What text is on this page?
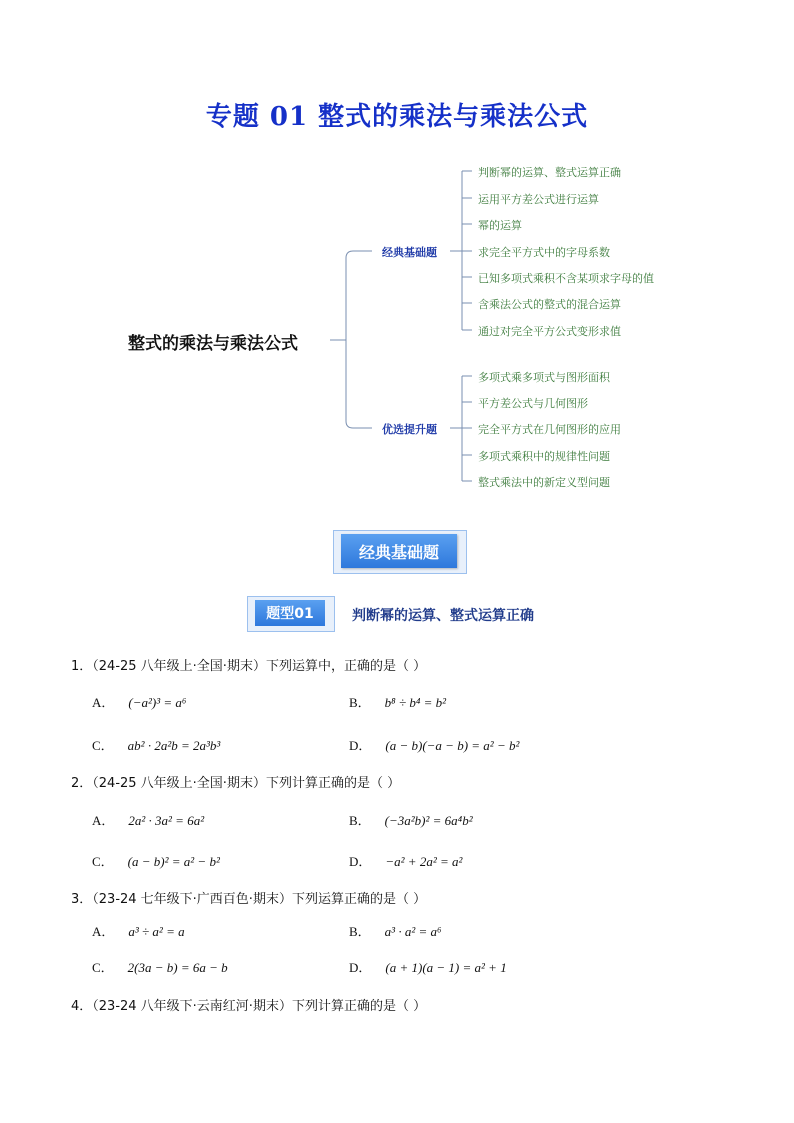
专题 01 整式的乘法与乘法公式
整式的乘法与乘法公式
经典基础题
优选提升题
判断幂的运算、整式运算正确
运用平方差公式进行运算
幂的运算
求完全平方式中的字母系数
已知多项式乘积不含某项求字母的值
含乘法公式的整式的混合运算
通过对完全平方公式变形求值
多项式乘多项式与图形面积
平方差公式与几何图形
完全平方式在几何图形的应用
多项式乘积中的规律性问题
整式乘法中的新定义型问题
经典基础题
题型01	判断幂的运算、整式运算正确
1．（24-25 八年级上·全国·期末）下列运算中，正确的是（ ）
A． (−a²)³ = a⁶	B． b⁸ ÷ b⁴ = b²
C． ab² · 2a²b = 2a³b³	D． (a − b)(−a − b) = a² − b²
2．（24-25 八年级上·全国·期末）下列计算正确的是（ ）
A． 2a² · 3a² = 6a²	B． (−3a²b)² = 6a⁴b²
C． (a − b)² = a² − b²	D． −a² + 2a² = a²
3．（23-24 七年级下·广西百色·期末）下列运算正确的是（ ）
A． a³ ÷ a² = a	B． a³ · a² = a⁶
C． 2(3a − b) = 6a − b	D． (a + 1)(a − 1) = a² + 1
4．（23-24 八年级下·云南红河·期末）下列计算正确的是（ ）
